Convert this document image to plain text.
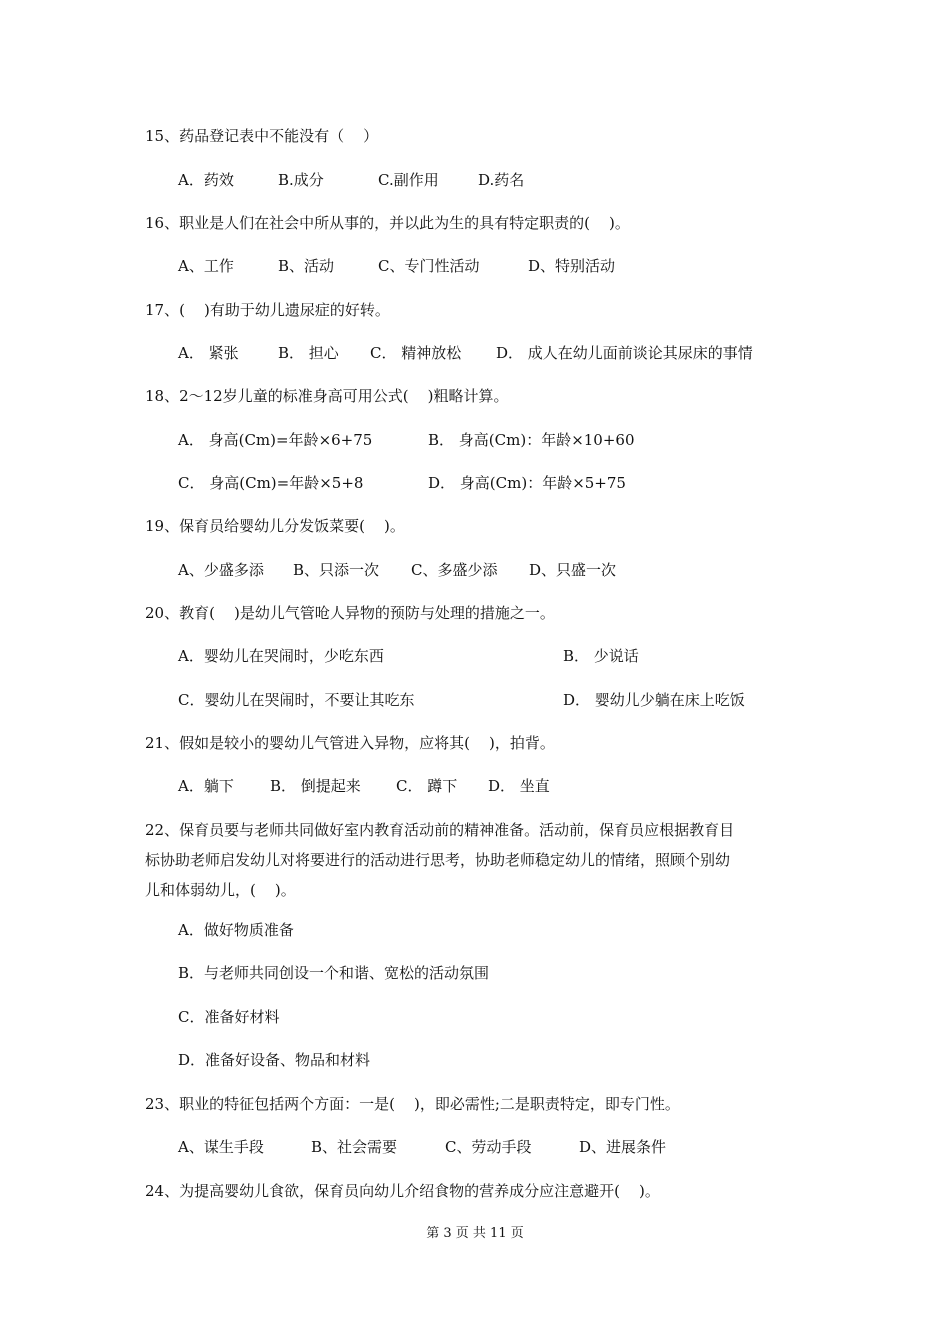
15、药品登记表中不能没有（    ）

A．药效

	B.成分

	C.副作用

	D.药名

16、职业是人们在社会中所从事的，并以此为生的具有特定职责的(    )。

A、工作

	B、活动

	C、专门性活动

	D、特别活动

17、(    )有助于幼儿遗尿症的好转。

A． 紧张

	B． 担心

C． 精神放松

D． 成人在幼儿面前谈论其尿床的事情

18、2～12岁儿童的标准身高可用公式(    )粗略计算。

A． 身高(Cm)=年龄×6+75

	B． 身高(Cm)：年龄×10+60

C． 身高(Cm)=年龄×5+8

	D． 身高(Cm)：年龄×5+75

19、保育员给婴幼儿分发饭菜要(    )。

A、少盛多添

B、只添一次

C、多盛少添

D、只盛一次

20、教育(    )是幼儿气管呛人异物的预防与处理的措施之一。

A．婴幼儿在哭闹时，少吃东西

	B． 少说话

C．婴幼儿在哭闹时，不要让其吃东

	D． 婴幼儿少躺在床上吃饭

21、假如是较小的婴幼儿气管进入异物，应将其(    )，拍背。

A．躺下

B． 倒提起来

C． 蹲下

D． 坐直

22、保育员要与老师共同做好室内教育活动前的精神准备。活动前，保育员应根据教育目
标协助老师启发幼儿对将要进行的活动进行思考，协助老师稳定幼儿的情绪，照顾个别幼
儿和体弱幼儿，(    )。
A．做好物质准备
B．与老师共同创设一个和谐、宽松的活动氛围
C．准备好材料
D．准备好设备、物品和材料
23、职业的特征包括两个方面：一是(    )，即必需性;二是职责特定，即专门性。

A、谋生手段

	B、社会需要

	C、劳动手段

	D、进展条件

24、为提高婴幼儿食欲，保育员向幼儿介绍食物的营养成分应注意避开(    )。
第 3 页 共 11 页
